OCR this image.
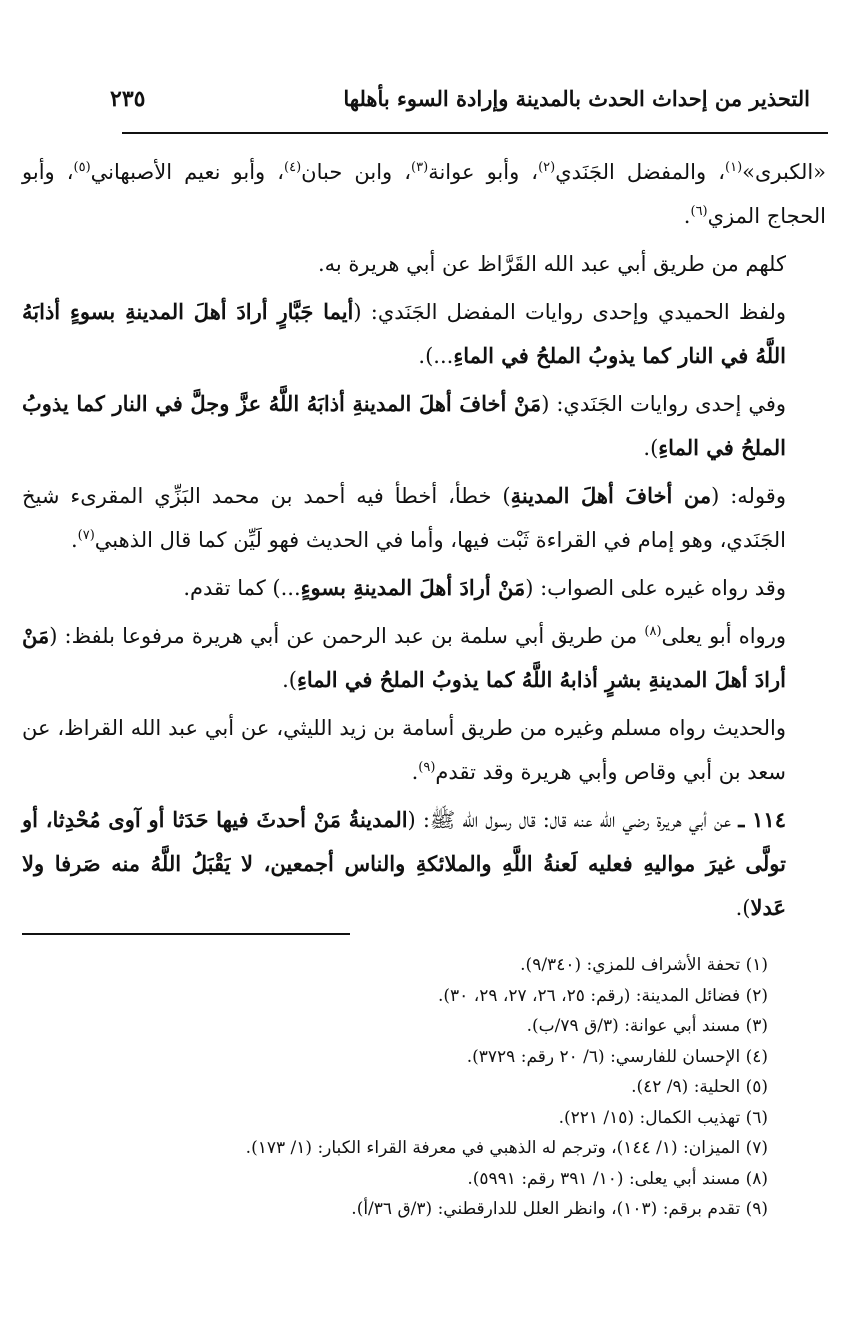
التحذير من إحداث الحدث بالمدينة وإرادة السوء بأهلها
٢٣٥

«الكبرى»$^{(١)}$، والمفضل الجَنَدي$^{(٢)}$، وأبو عوانة$^{(٣)}$، وابن حبان$^{(٤)}$، وأبو نعيم الأصبهاني$^{(٥)}$، وأبو الحجاج المزي$^{(٦)}$.

كلهم من طريق أبي عبد الله القَرَّاظ عن أبي هريرة به.

ولفظ الحميدي وإحدى روايات المفضل الجَنَدي: (أيما جَبَّارٍ أرادَ أهلَ المدينةِ بسوءٍ أذابَهُ اللَّهُ في النار كما يذوبُ الملحُ في الماءِ...).

وفي إحدى روايات الجَنَدي: (مَنْ أخافَ أهلَ المدينةِ أذابَهُ اللَّهُ عزَّ وجلَّ في النار كما يذوبُ الملحُ في الماءِ).

وقوله: (من أخافَ أهلَ المدينةِ) خطأ، أخطأ فيه أحمد بن محمد البَزِّي المقرىء شيخ الجَنَدي، وهو إمام في القراءة ثَبْت فيها، وأما في الحديث فهو لَيِّن كما قال الذهبي$^{(٧)}$.

وقد رواه غيره على الصواب: (مَنْ أرادَ أهلَ المدينةِ بسوءٍ...) كما تقدم.

ورواه أبو يعلى$^{(٨)}$ من طريق أبي سلمة بن عبد الرحمن عن أبي هريرة مرفوعا بلفظ: (مَنْ أرادَ أهلَ المدينةِ بشرٍ أذابهُ اللَّهُ كما يذوبُ الملحُ في الماءِ).

والحديث رواه مسلم وغيره من طريق أسامة بن زيد الليثي، عن أبي عبد الله القراظ، عن سعد بن أبي وقاص وأبي هريرة وقد تقدم$^{(٩)}$.

١١٤ ـ عن أبي هريرة رضي الله عنه قال: قال رسول الله ﷺ: (المدينةُ مَنْ أحدثَ فيها حَدَثا أو آوى مُحْدِثا، أو تولَّى غيرَ مواليهِ فعليه لَعنةُ اللَّهِ والملائكةِ والناس أجمعين، لا يَقْبَلُ اللَّهُ منه صَرفا ولا عَدلا).

(١) تحفة الأشراف للمزي: (٩/٣٤٠).

(٢) فضائل المدينة: (رقم: ٢٥، ٢٦، ٢٧، ٢٩، ٣٠).

(٣) مسند أبي عوانة: (٣/ق ٧٩/ب).

(٤) الإحسان للفارسي: (٦/ ٢٠ رقم: ٣٧٢٩).

(٥) الحلية: (٩/ ٤٢).

(٦) تهذيب الكمال: (١٥/ ٢٢١).

(٧) الميزان: (١/ ١٤٤)، وترجم له الذهبي في معرفة القراء الكبار: (١/ ١٧٣).

(٨) مسند أبي يعلى: (١٠/ ٣٩١ رقم: ٥٩٩١).

(٩) تقدم برقم: (١٠٣)، وانظر العلل للدارقطني: (٣/ق ٣٦/أ).
